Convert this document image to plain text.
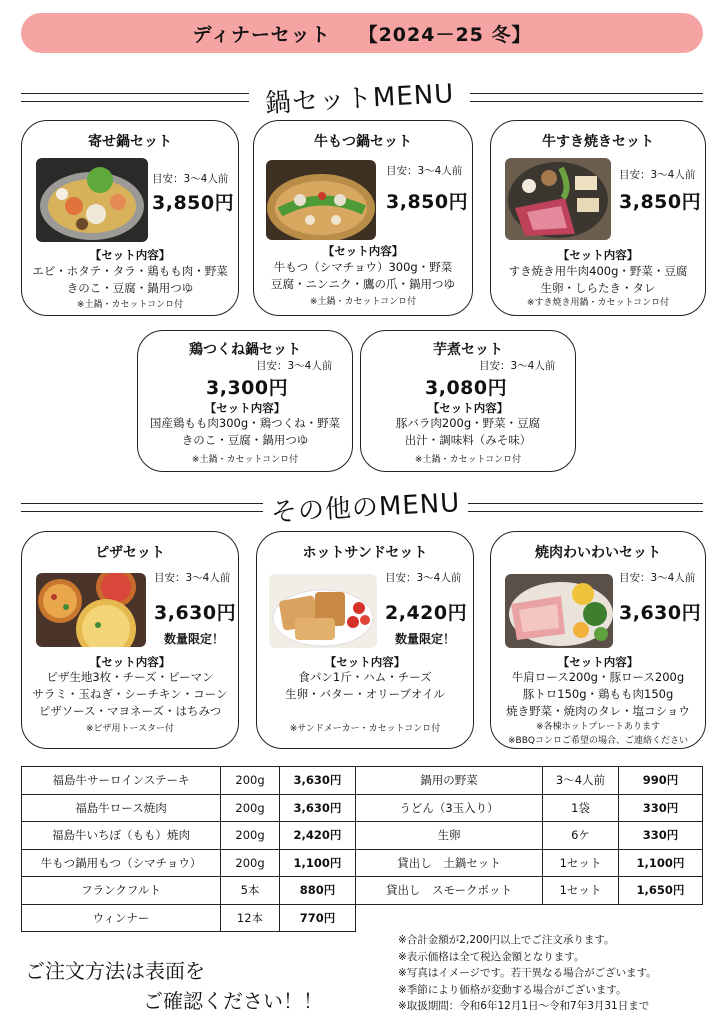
ディナーセット 【2024－25 冬】
鍋セットMENU
寄せ鍋セット
目安：3～4人前
3,850円
【セット内容】
エビ・ホタテ・タラ・鶏もも肉・野菜
きのこ・豆腐・鍋用つゆ
※土鍋・カセットコンロ付
牛もつ鍋セット
目安：3～4人前
3,850円
【セット内容】
牛もつ（シマチョウ）300g・野菜
豆腐・ニンニク・鷹の爪・鍋用つゆ
※土鍋・カセットコンロ付
牛すき焼きセット
目安：3～4人前
3,850円
【セット内容】
すき焼き用牛肉400g・野菜・豆腐
生卵・しらたき・タレ
※すき焼き用鍋・カセットコンロ付
鶏つくね鍋セット
目安：3～4人前
3,300円
【セット内容】
国産鶏もも肉300g・鶏つくね・野菜
きのこ・豆腐・鍋用つゆ
※土鍋・カセットコンロ付
芋煮セット
目安：3～4人前
3,080円
【セット内容】
豚バラ肉200g・野菜・豆腐
出汁・調味料（みそ味）
※土鍋・カセットコンロ付
その他のMENU
ピザセット
目安：3～4人前
3,630円
数量限定！
【セット内容】
ピザ生地3枚・チーズ・ピーマン
サラミ・玉ねぎ・シーチキン・コーン
ピザソース・マヨネーズ・はちみつ
※ピザ用トースター付
ホットサンドセット
目安：3～4人前
2,420円
数量限定！
【セット内容】
食パン1斤・ハム・チーズ
生卵・バター・オリーブオイル
※サンドメーカー・カセットコンロ付
焼肉わいわいセット
目安：3～4人前
3,630円
【セット内容】
牛肩ロース200g・豚ロース200g
豚トロ150g・鶏もも肉150g
焼き野菜・焼肉のタレ・塩コショウ
※各棟ホットプレートあります
※BBQコンロご希望の場合、ご連絡ください
福島牛サーロインステーキ	200g	3,630円	鍋用の野菜	3～4人前	990円
福島牛ロース焼肉	200g	3,630円	うどん（3玉入り）	1袋	330円
福島牛いちぼ（もも）焼肉	200g	2,420円	生卵	6ケ	330円
牛もつ鍋用もつ（シマチョウ）	200g	1,100円	貸出し　土鍋セット	1セット	1,100円
フランクフルト	5本	880円	貸出し　スモークポット	1セット	1,650円
ウィンナー	12本	770円			
※合計金額が2,200円以上でご注文承ります。
※表示価格は全て税込金額となります。
※写真はイメージです。若干異なる場合がございます。
※季節により価格が変動する場合がございます。
※取扱期間：令和6年12月1日～令和7年3月31日まで
ご注文方法は表面を
ご確認ください！！
